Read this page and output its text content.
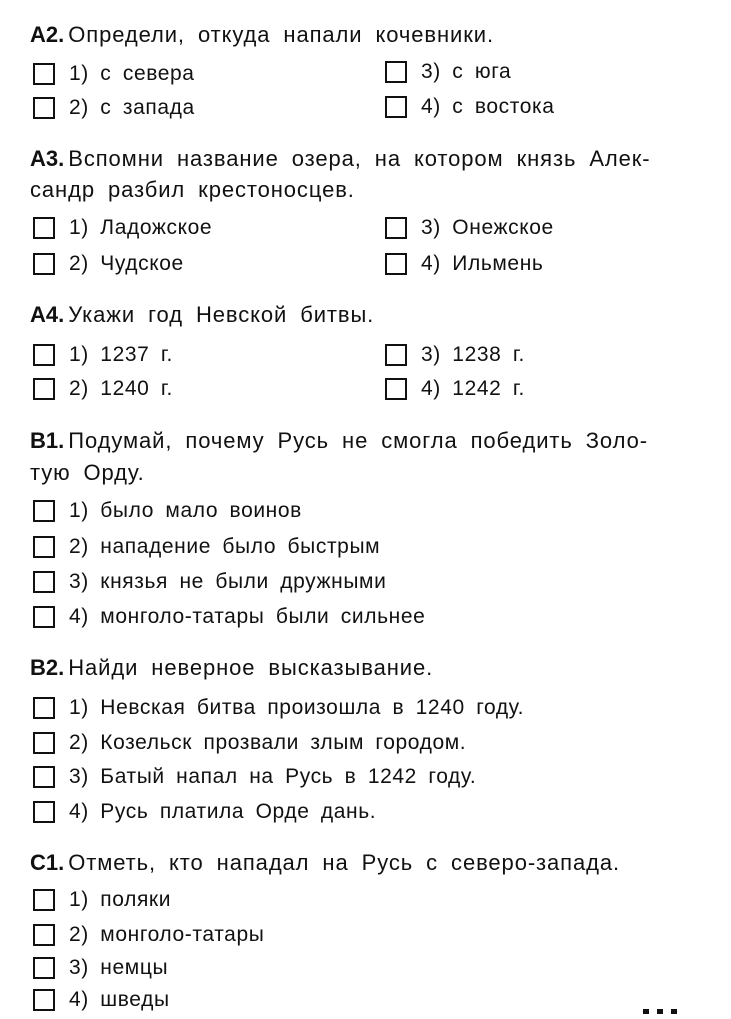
A2. Определи, откуда напали кочевники.
1) с севера
2) с запада
3) с юга
4) с востока
A3. Вспомни название озера, на котором князь Алек-
сандр разбил крестоносцев.
1) Ладожское
2) Чудское
3) Онежское
4) Ильмень
A4. Укажи год Невской битвы.
1) 1237 г.
2) 1240 г.
3) 1238 г.
4) 1242 г.
B1. Подумай, почему Русь не смогла победить Золо-
тую Орду.
1) было мало воинов
2) нападение было быстрым
3) князья не были дружными
4) монголо-татары были сильнее
B2. Найди неверное высказывание.
1) Невская битва произошла в 1240 году.
2) Козельск прозвали злым городом.
3) Батый напал на Русь в 1242 году.
4) Русь платила Орде дань.
C1. Отметь, кто нападал на Русь с северо-запада.
1) поляки
2) монголо-татары
3) немцы
4) шведы
